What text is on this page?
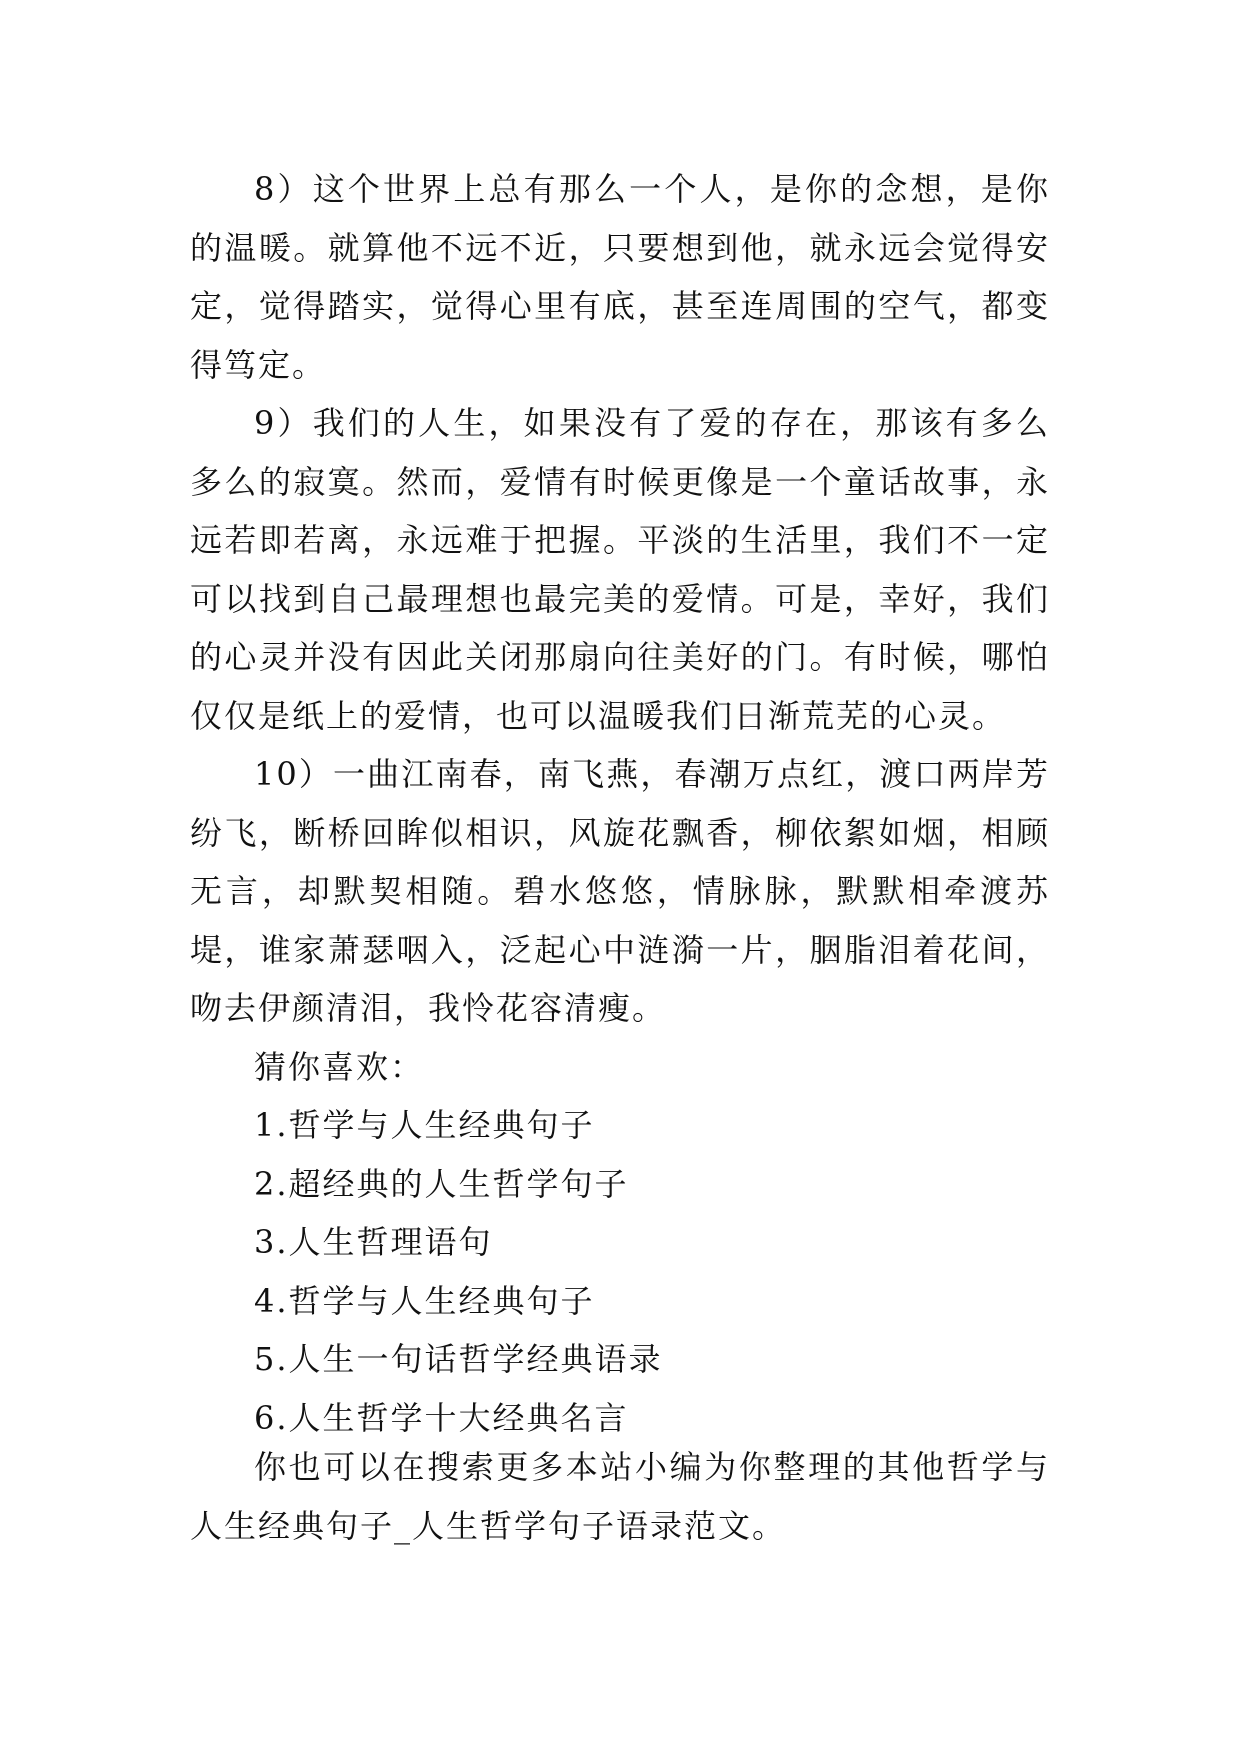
8）这个世界上总有那么一个人，是你的念想，是你的温暖。就算他不远不近，只要想到他，就永远会觉得安定，觉得踏实，觉得心里有底，甚至连周围的空气，都变得笃定。

9）我们的人生，如果没有了爱的存在，那该有多么多么的寂寞。然而，爱情有时候更像是一个童话故事，永远若即若离，永远难于把握。平淡的生活里，我们不一定可以找到自己最理想也最完美的爱情。可是，幸好，我们的心灵并没有因此关闭那扇向往美好的门。有时候，哪怕仅仅是纸上的爱情，也可以温暖我们日渐荒芜的心灵。

10）一曲江南春，南飞燕，春潮万点红，渡口两岸芳纷飞，断桥回眸似相识，风旋花飘香，柳依絮如烟，相顾无言，却默契相随。碧水悠悠，情脉脉，默默相牵渡苏堤，谁家萧瑟咽入，泛起心中涟漪一片，胭脂泪着花间，吻去伊颜清泪，我怜花容清瘦。

猜你喜欢：

1.哲学与人生经典句子
2.超经典的人生哲学句子
3.人生哲理语句
4.哲学与人生经典句子
5.人生一句话哲学经典语录
6.人生哲学十大经典名言

你也可以在搜索更多本站小编为你整理的其他哲学与人生经典句子_人生哲学句子语录范文。
